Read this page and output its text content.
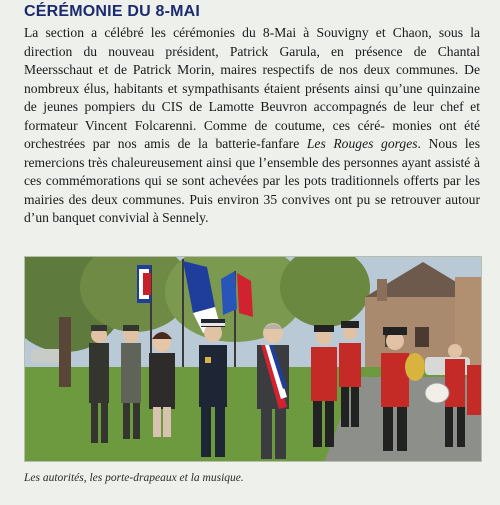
CÉRÉMONIE DU 8-MAI

La section a célébré les cérémonies du 8-Mai à Souvigny et Chaon, sous la direction du nouveau président, Patrick Garula, en présence de Chantal Meersschaut et de Patrick Morin, maires respectifs de nos deux communes. De nombreux élus, habitants et sympathisants étaient présents ainsi qu’une quinzaine de jeunes pompiers du CIS de Lamotte Beuvron accompagnés de leur chef et formateur Vincent Folcarenni. Comme de coutume, ces céré- monies ont été orchestrées par nos amis de la batterie-fanfare Les Rouges gorges. Nous les remercions très chaleureusement ainsi que l’ensemble des personnes ayant assisté à ces commémorations qui se sont achevées par les pots traditionnels offerts par les mairies des deux communes. Puis environ 35 convives ont pu se retrouver autour d’un banquet convivial à Sennely.

Les autorités, les porte-drapeaux et la musique.
